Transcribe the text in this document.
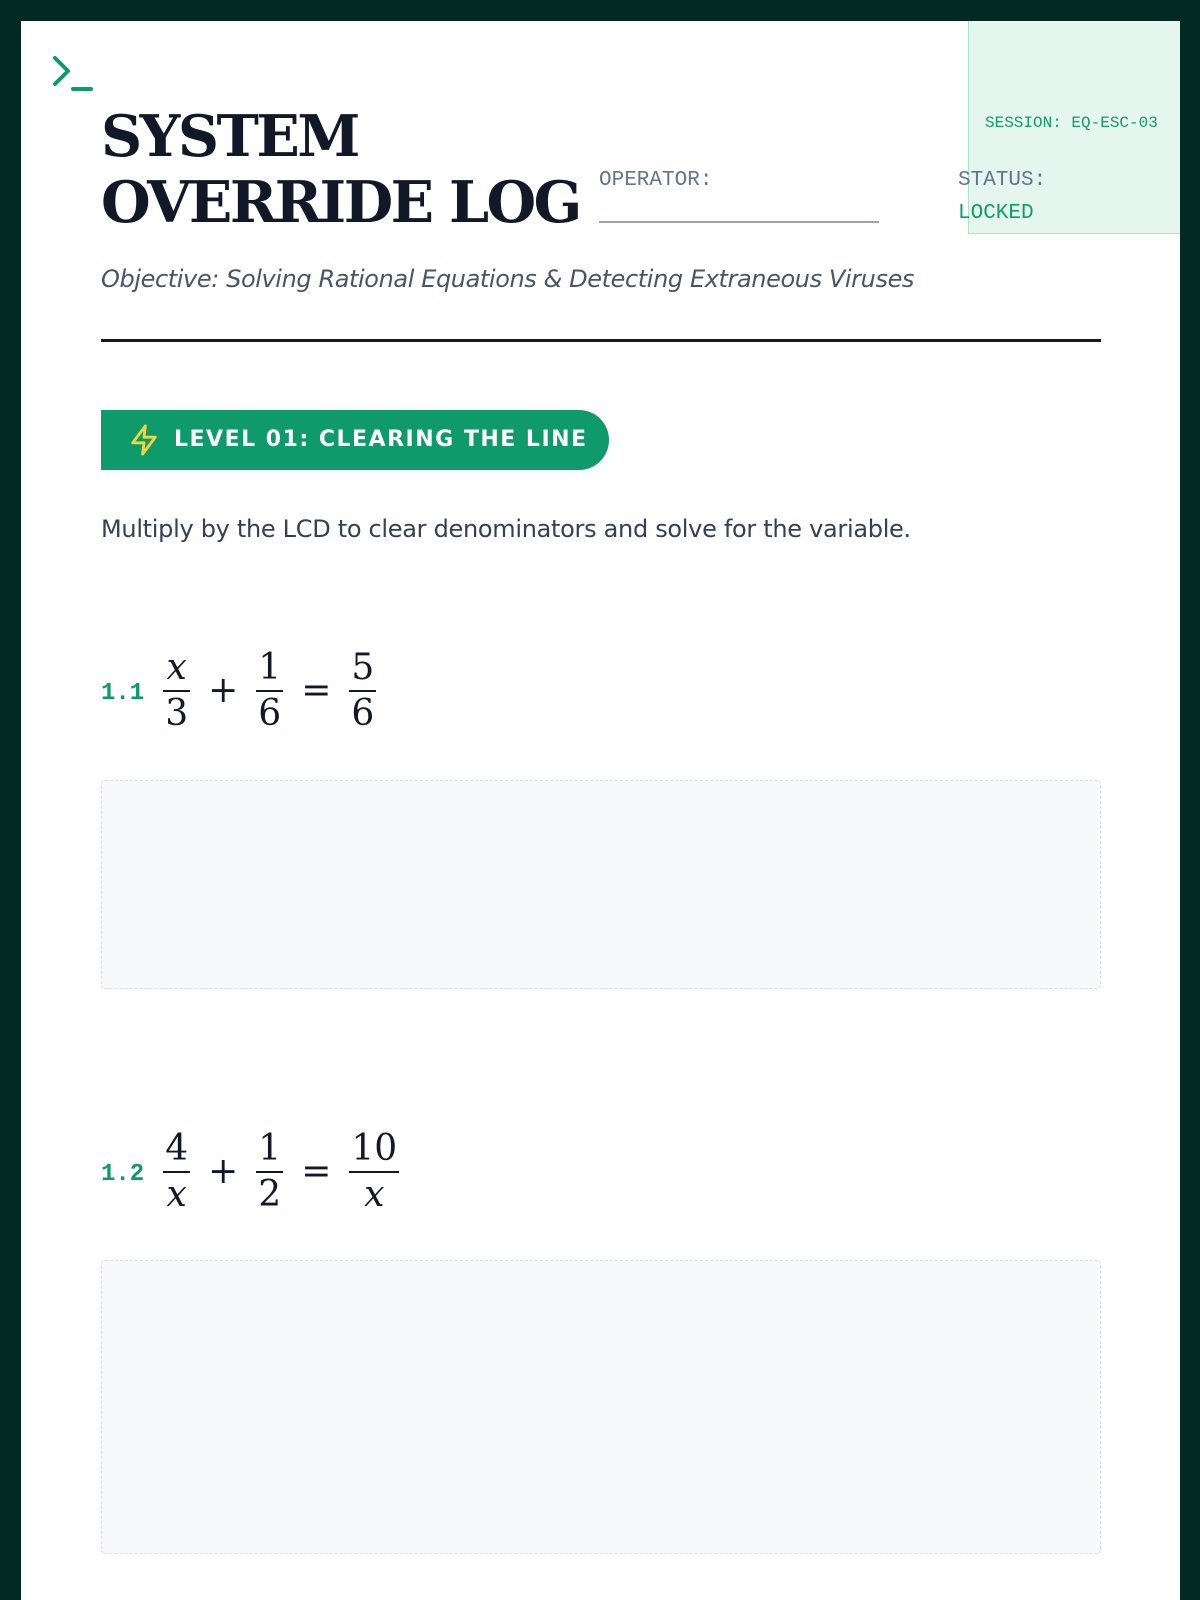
SESSION: EQ-ESC-03
SYSTEM
OVERRIDE LOG OPERATOR:	STATUS:
LOCKED
Objective: Solving Rational Equations & Detecting Extraneous Viruses
LEVEL 01: CLEARING THE LINE
Multiply by the LCD to clear denominators and solve for the variable.
$1.1 \frac{x}{3} + \frac{1}{6} = \frac{5}{6}$
$1.2 \frac{4}{x} + \frac{1}{2} = \frac{10}{x}$
